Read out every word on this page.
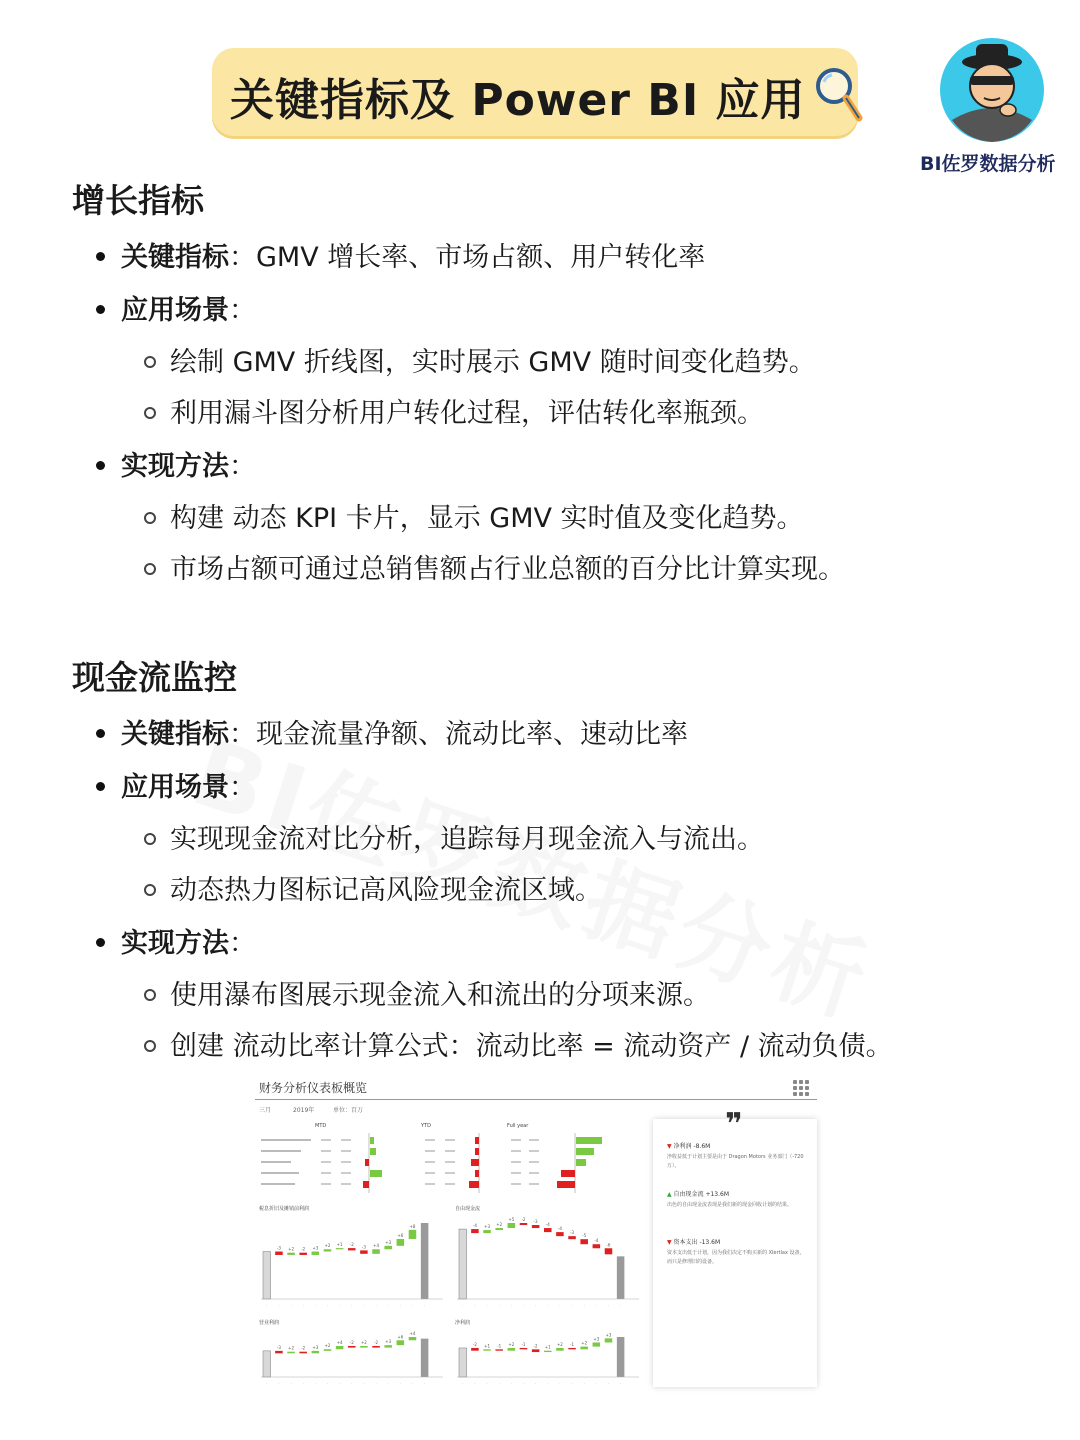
关键指标及 Power BI 应用
BI佐罗数据分析
增长指标
关键指标：GMV 增长率、市场占额、用户转化率
应用场景：
绘制 GMV 折线图，实时展示 GMV 随时间变化趋势。
利用漏斗图分析用户转化过程，评估转化率瓶颈。
实现方法：
构建 动态 KPI 卡片，显示 GMV 实时值及变化趋势。
市场占额可通过总销售额占行业总额的百分比计算实现。
现金流监控
关键指标：现金流量净额、流动比率、速动比率
应用场景：
实现现金流对比分析，追踪每月现金流入与流出。
动态热力图标记高风险现金流区域。
实现方法：
使用瀑布图展示现金流入和流出的分项来源。
创建 流动比率计算公式：流动比率 = 流动资产 / 流动负债。
财务分析仪表板概览
三月	2019年	单位：百万
MTD	YTD	Full year
税息折旧及摊销前利润	自由现金流
营业利润	净利润
-3 +2 -2 +3 +2 +1 -2 -3 +4
+3
+6
+8
·	·	·	·	·	·	·	·	·	·	·	·	·	·
-4 +3 +2
+5 -2 -3
-4
-4
-3
-5
-4
-6
·	·	·	·	·	·	·	·	·	·	·	·	·	·
-3 +2 -2 +3 +2
+4 -2 +2 -2 +3
+6
+4
·	·	·	·	·	·	·	·	·	·	·	·	·	·
-2 +1 -1 +2 -1 -2 +1
+2 -1 +2
+3
+3
·	·	·	·	·	·	·	·	·	·	·	·	·	·
❞
▼ 净利润 -8.6M
净收益低于计划主要是由于 Dragon Motors 业务部门（-720万）。
▲ 自由现金流 +13.6M
出色的自由现金流表现是我们新的现金回收计划的结果。
▼ 资本支出 -13.6M
资本支出低于计划，因为我们决定不购买新的 Xlertlax 设备，而只是修理旧的设备。
